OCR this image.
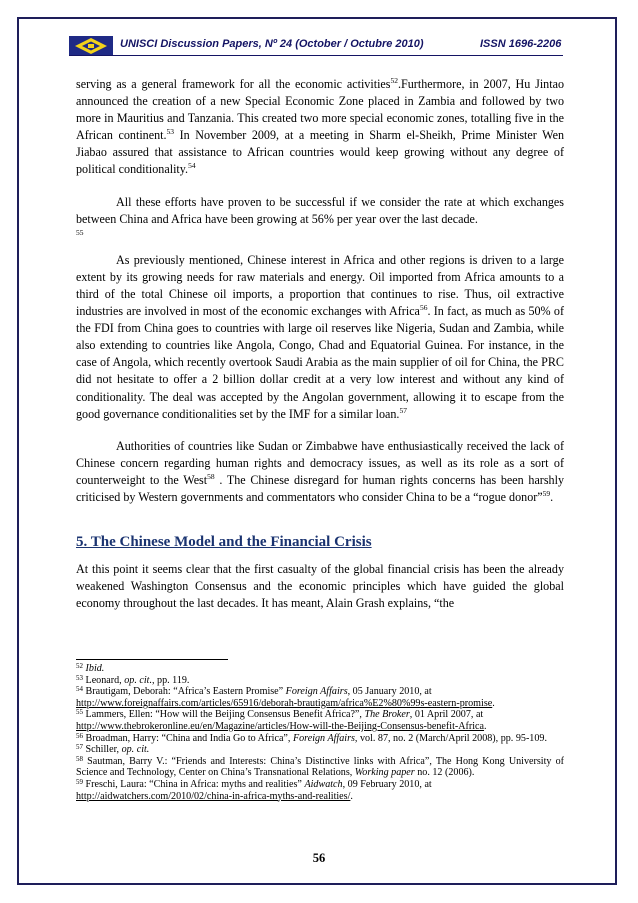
UNISCI Discussion Papers, Nº 24 (October / Octubre 2010)	ISSN 1696-2206

serving as a general framework for all the economic activities$^{52}$.Furthermore, in 2007, Hu Jintao announced the creation of a new Special Economic Zone placed in Zambia and followed by two more in Mauritius and Tanzania. This created two more special economic zones, totalling five in the African continent.$^{53}$ In November 2009, at a meeting in Sharm el-Sheikh, Prime Minister Wen Jiabao assured that assistance to African countries would keep growing without any degree of political conditionality.$^{54}$

All these efforts have proven to be successful if we consider the rate at which exchanges between China and Africa have been growing at 56% per year over the last decade.
55

As previously mentioned, Chinese interest in Africa and other regions is driven to a large extent by its growing needs for raw materials and energy. Oil imported from Africa amounts to a third of the total Chinese oil imports, a proportion that continues to rise. Thus, oil extractive industries are involved in most of the economic exchanges with Africa$^{56}$. In fact, as much as 50% of the FDI from China goes to countries with large oil reserves like Nigeria, Sudan and Zambia, while also extending to countries like Angola, Congo, Chad and Equatorial Guinea. For instance, in the case of Angola, which recently overtook Saudi Arabia as the main supplier of oil for China, the PRC did not hesitate to offer a 2 billion dollar credit at a very low interest and without any kind of conditionality. The deal was accepted by the Angolan government, allowing it to escape from the good governance conditionalities set by the IMF for a similar loan.$^{57}$

Authorities of countries like Sudan or Zimbabwe have enthusiastically received the lack of Chinese concern regarding human rights and democracy issues, as well as its role as a sort of counterweight to the West$^{58}$ . The Chinese disregard for human rights concerns has been harshly criticised by Western governments and commentators who consider China to be a “rogue donor”$^{59}$.

5. The Chinese Model and the Financial Crisis

At this point it seems clear that the first casualty of the global financial crisis has been the already weakened Washington Consensus and the economic principles which have guided the global economy throughout the last decades. It has meant, Alain Grash explains, “the

$^{52}$ Ibid.

$^{53}$ Leonard, op. cit., pp. 119.

$^{54}$ Brautigam, Deborah: “Africa’s Eastern Promise” Foreign Affairs, 05 January 2010, at
http://www.foreignaffairs.com/articles/65916/deborah-brautigam/africa%E2%80%99s-eastern-promise.

$^{55}$ Lammers, Ellen: “How will the Beijing Consensus Benefit Africa?”, The Broker, 01 April 2007, at
http://www.thebrokeronline.eu/en/Magazine/articles/How-will-the-Beijing-Consensus-benefit-Africa.

$^{56}$ Broadman, Harry: “China and India Go to Africa”, Foreign Affairs, vol. 87, no. 2 (March/April 2008), pp. 95-109.

$^{57}$ Schiller, op. cit.

$^{58}$ Sautman, Barry V.: “Friends and Interests: China’s Distinctive links with Africa”, The Hong Kong University of Science and Technology, Center on China’s Transnational Relations, Working paper no. 12 (2006).

$^{59}$ Freschi, Laura: “China in Africa: myths and realities” Aidwatch, 09 February 2010, at
http://aidwatchers.com/2010/02/china-in-africa-myths-and-realities/.

56
